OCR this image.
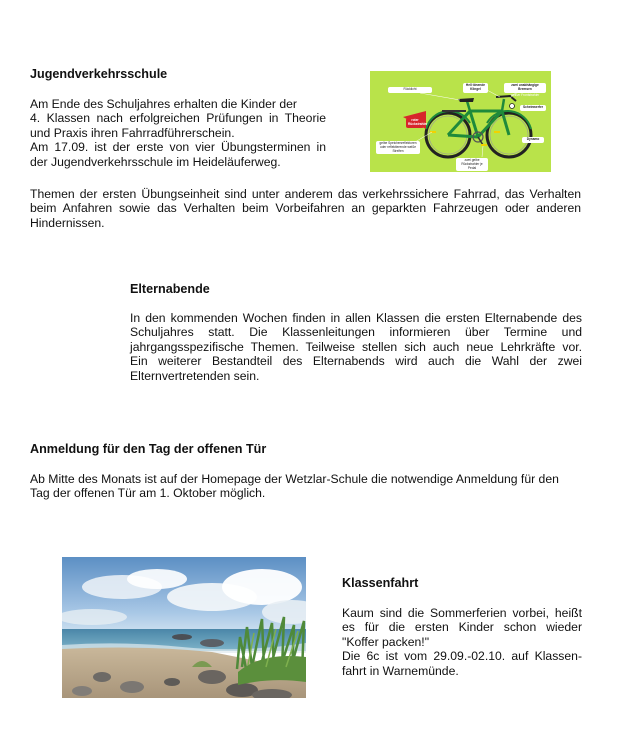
Jugendverkehrsschule
Am Ende des Schuljahres erhalten die Kinder der
4. Klassen nach erfolgreichen Prüfungen in Theorie
und Praxis ihren Fahrradführerschein.
Am 17.09. ist der erste von vier Übungsterminen in
der Jugendverkehrsschule im Heideläuferweg.
Rücklicht
Hell tönende Klingel
zwei unabhängige Bremsen
weißer Frontstrahler
Scheinwerfer
roter Rückstrahler
gelbe Speichenreflektoren oder reflektierende weiße Streifen
zwei gelbe Rückstrahler je Pedal
Dynamo

Themen der ersten Übungseinheit sind unter anderem das verkehrssichere Fahrrad, das Verhalten beim Anfahren sowie das Verhalten beim Vorbeifahren an geparkten Fahrzeugen oder anderen Hindernissen.

Elternabende
In den kommenden Wochen finden in allen Klassen die ersten Elternabende des
Schuljahres statt. Die Klassenleitungen informieren über Termine und
jahrgangsspezifische Themen. Teilweise stellen sich auch neue Lehrkräfte vor.
Ein weiterer Bestandteil des Elternabends wird auch die Wahl der zwei
Elternvertretenden sein.
Anmeldung für den Tag der offenen Tür
Ab Mitte des Monats ist auf der Homepage der Wetzlar-Schule die notwendige Anmeldung für den
Tag der offenen Tür am 1. Oktober möglich.
Klassenfahrt
Kaum sind die Sommerferien vorbei, heißt
es für die ersten Kinder schon wieder
"Koffer packen!"
Die 6c ist vom 29.09.-02.10. auf Klassen-
fahrt in Warnemünde.
